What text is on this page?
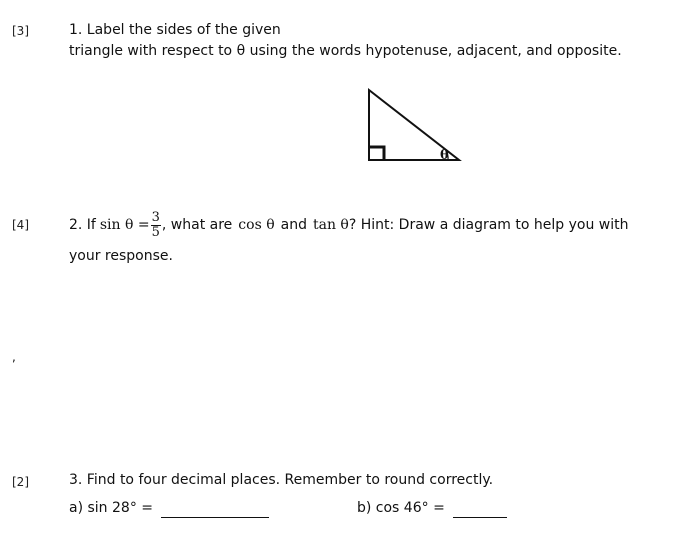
[3]	1. Label the sides of the given
triangle with respect to θ using the words hypotenuse, adjacent, and opposite.
θ
[4]	2. If $\sin \theta = \frac{3}{5}$ , what are cos θ and tan θ ? Hint: Draw a diagram to help you with
your response.
,
[2]	3. Find to four decimal places. Remember to round correctly.
a) sin 28° =	b) cos 46° =
